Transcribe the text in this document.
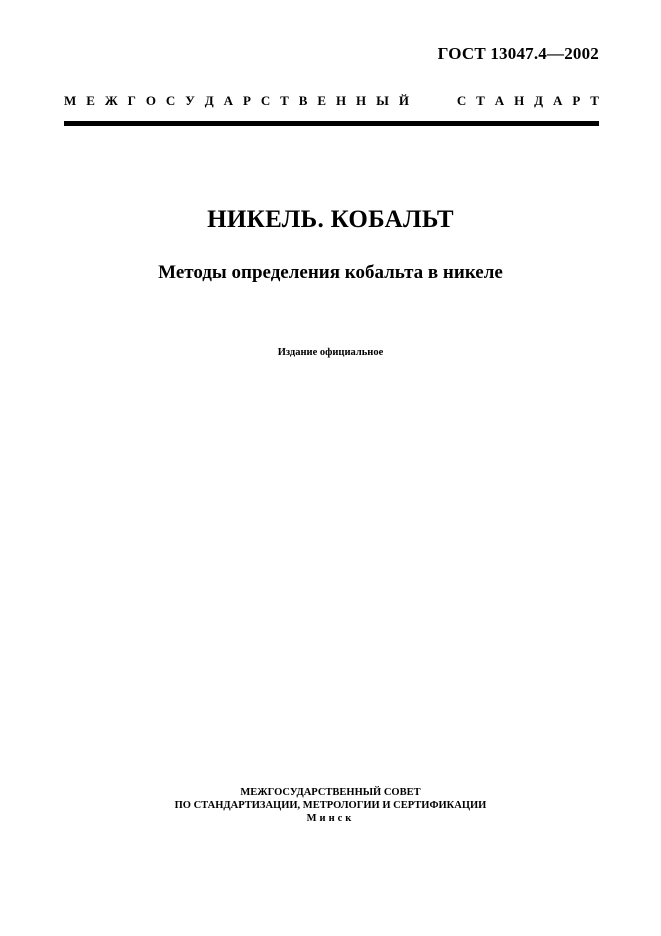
ГОСТ 13047.4—2002
М Е Ж Г О С У Д А Р С Т В Е Н Н Ы Й	С Т А Н Д А Р Т
НИКЕЛЬ. КОБАЛЬТ
Методы определения кобальта в никеле
Издание официальное
МЕЖГОСУДАРСТВЕННЫЙ СОВЕТ
ПО СТАНДАРТИЗАЦИИ, МЕТРОЛОГИИ И СЕРТИФИКАЦИИ
Минск
